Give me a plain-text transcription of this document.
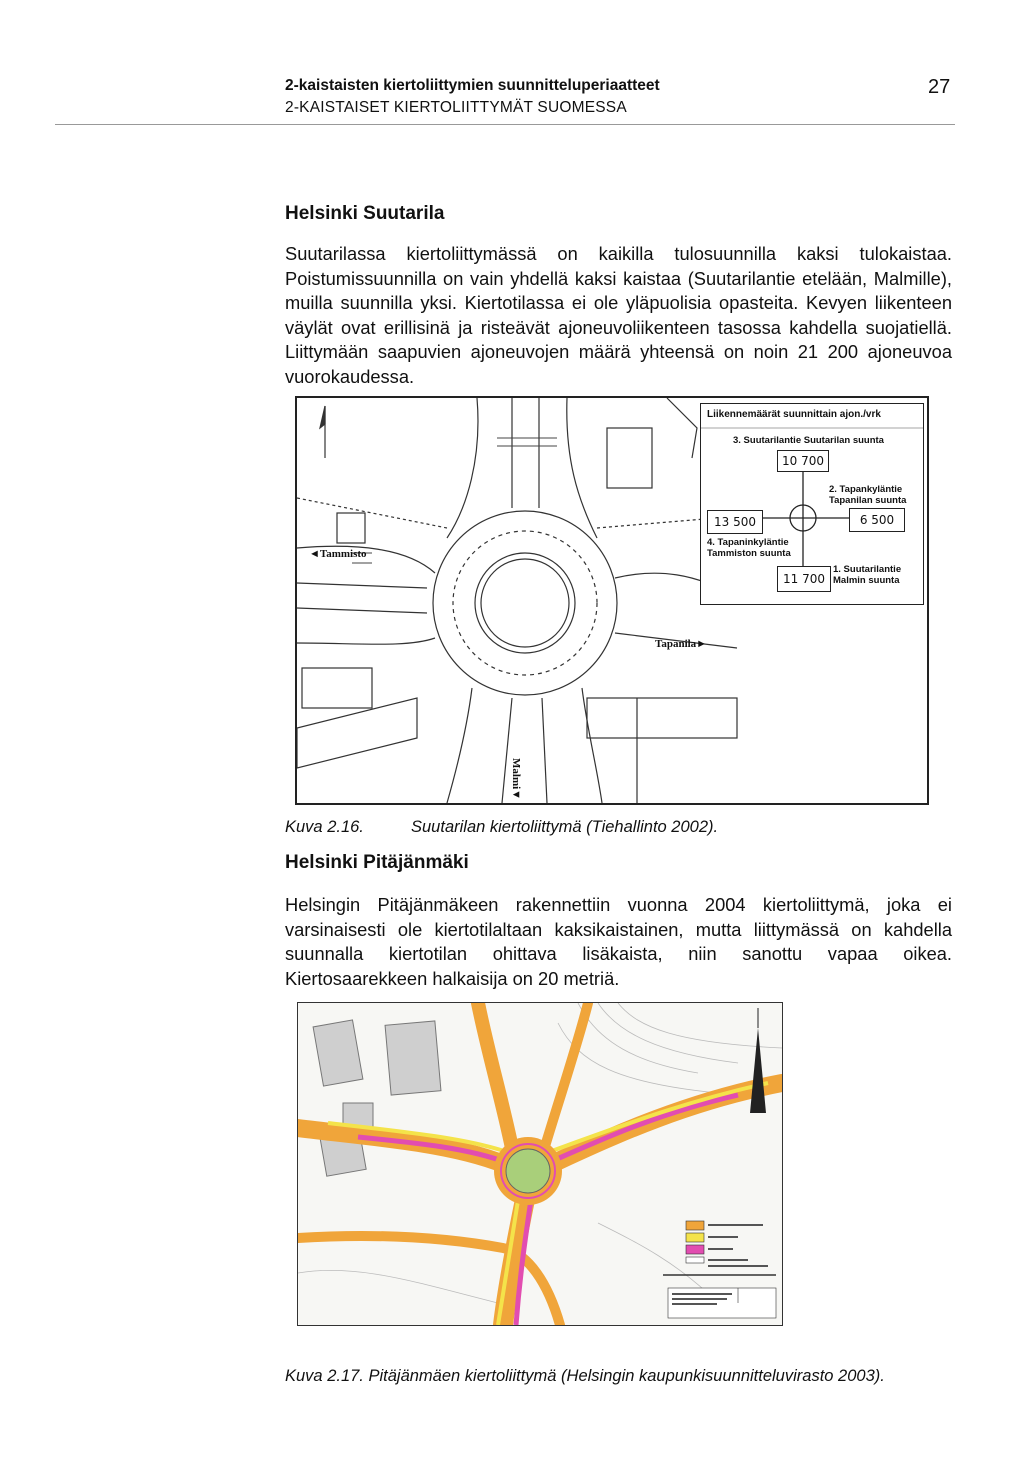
2-kaistaisten kiertoliittymien suunnitteluperiaatteet
2-KAISTAISET KIERTOLIITTYMÄT SUOMESSA
27
Helsinki Suutarila

Suutarilassa kiertoliittymässä on kaikilla tulosuunnilla kaksi tulokaistaa. Poistumissuunnilla on vain yhdellä kaksi kaistaa (Suutarilantie etelään, Malmille), muilla suunnilla yksi. Kiertotilassa ei ole yläpuolisia opasteita. Kevyen liikenteen väylät ovat erillisinä ja risteävät ajoneuvoliikenteen tasossa kahdella suojatiellä. Liittymään saapuvien ajoneuvojen määrä yhteensä on noin 21 200 ajoneuvoa vuorokaudessa.

◄Tammisto
Tapanila►
Malmi▼
Liikennemäärät suunnittain ajon./vrk
3. Suutarilantie Suutarilan suunta
10 700
2. Tapankyläntie Tapanilan suunta
6 500
13 500
4. Tapaninkyläntie Tammiston suunta
11 700
1. Suutarilantie Malmin suunta
Kuva 2.16.	Suutarilan kiertoliittymä (Tiehallinto 2002).
Helsinki Pitäjänmäki

Helsingin Pitäjänmäkeen rakennettiin vuonna 2004 kiertoliittymä, joka ei varsinaisesti ole kiertotilaltaan kaksikaistainen, mutta liittymässä on kahdella suunnalla kiertotilan ohittava lisäkaista, niin sanottu vapaa oikea. Kiertosaarekkeen halkaisija on 20 metriä.

Kuva 2.17. Pitäjänmäen kiertoliittymä (Helsingin kaupunkisuunnitteluvirasto 2003).
